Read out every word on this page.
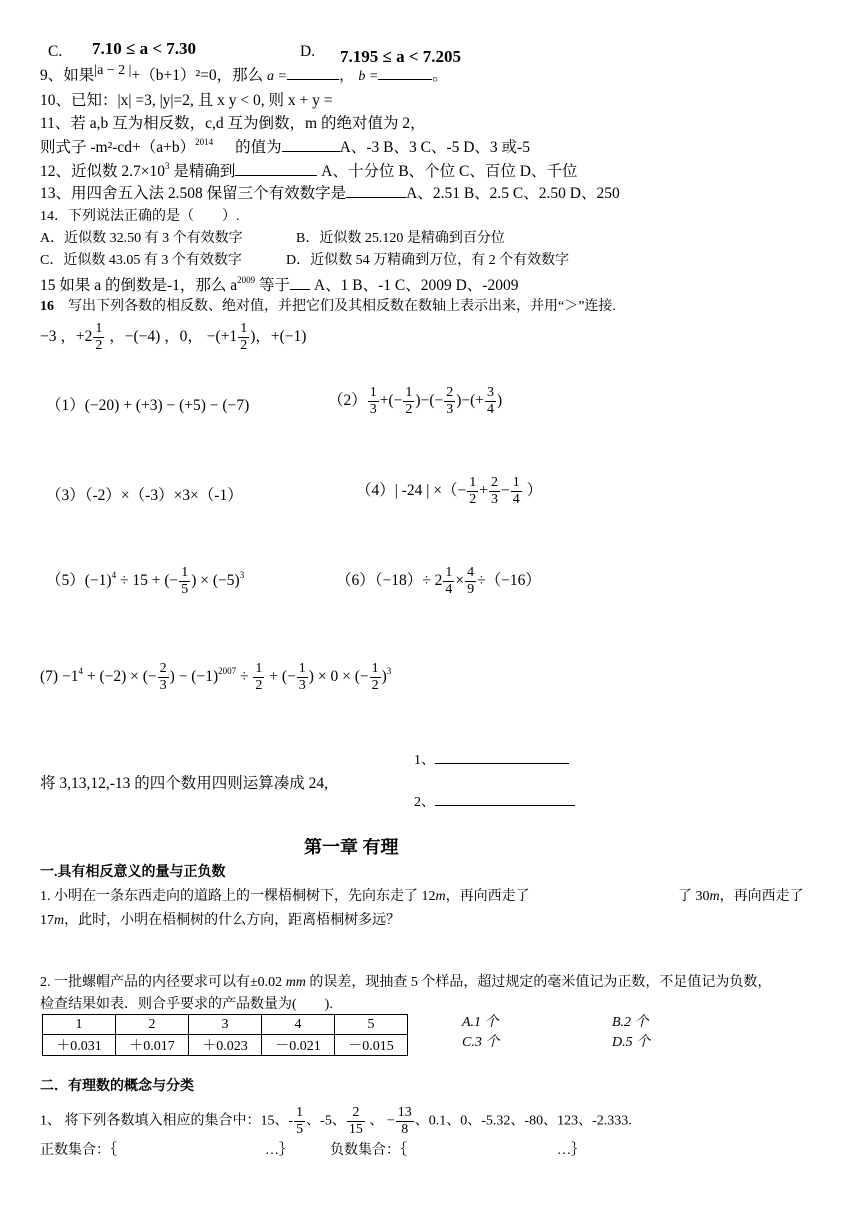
C. 7.10 ≤ a < 7.30	D. 7.195 ≤ a < 7.205
9、如果|a − 2 |+（b+1）²=0，那么 a =	， b =	。
10、已知：|x| =3, |y|=2, 且 x y < 0, 则 x + y =
11、若 a,b 互为相反数，c,d 互为倒数，m 的绝对值为 2，
则式子 $-m^2-cd+(a+b)^{2014}$ 的值为	A、-3 B、3 C、-5 D、3 或-5
12、近似数 $2.7\times 10^3$ 是精确到	A、十分位 B、个位 C、百位 D、千位
13、用四舍五入法 2.508 保留三个有效数字是	A、2.51 B、2.5 C、2.50 D、250
14．下列说法正确的是（　　）.
A．近似数 32.50 有 3 个有效数字	B．近似数 25.120 是精确到百分位
C．近似数 43.05 有 3 个有效数字	D．近似数 54 万精确到万位，有 2 个有效数字
15 如果 a 的倒数是-1，那么 $a^{2009}$ 等于 A、1 B、-1 C、2009 D、-2009
16 写出下列各数的相反数、绝对值，并把它们及其相反数在数轴上表示出来，并用“＞”连接.
−3 ，$+2 \frac{1}{2}$ ，−(−4) ，0， $-(+1 \frac{1}{2}$ )，+(−1)
（1）(−20) + (+3) − (+5) − (−7)	$(2) \frac{1}{3}$ +(− $\frac{1}{2}$ )−(− $\frac{2}{3}$ )−(+ $\frac{3}{4}$ )
（3）（-2）×（-3）×3×（-1）	（4）| -24 | ×（− $\frac{1}{2} + \frac{2}{3} - \frac{1}{4}$ ）
$(5)(-1)^4 \div 15$ + (− $\frac{1}{5}$ ) × $(-5)^3$	$(6)(-18)\div 2 \frac{1}{4} \times \frac{4}{9} \div(-16)$
$(7) -1^4 + (-2)$ × (− $\frac{2}{3}$ ) − $(-1)^{2007} \div \frac{1}{2}$ + (− $\frac{1}{3}$ ) × 0 × (− $\frac{1}{2} )^3$
1、
将 3,13,12,-13 的四个数用四则运算凑成 24,
2、
第一章 有理
一.具有相反意义的量与正负数
1. 小明在一条东西走向的道路上的一棵梧桐树下，先向东走了 12m，再向西走了	了 30m，再向西走了
17m，此时，小明在梧桐树的什么方向，距离梧桐树多远？
2. 一批螺帽产品的内径要求可以有±0.02 mm 的误差，现抽查 5 个样品，超过规定的毫米值记为正数，不足值记为负数，
检查结果如表．则合乎要求的产品数量为(　　).
1	2	3	4	5
＋0.031	＋0.017	＋0.023	－0.021	－0.015
A.1 个	B.2 个
C.3 个	D.5 个
二．有理数的概念与分类
1、 将下列各数填入相应的集合中：15、- $\frac{1}{5}$ 、-5、 $\frac{2}{15}$ 、 − $\frac{13}{8}$ 、0.1、0、-5.32、-80、123、-2.333.
正数集合：｛	…｝	负数集合：｛	…｝
